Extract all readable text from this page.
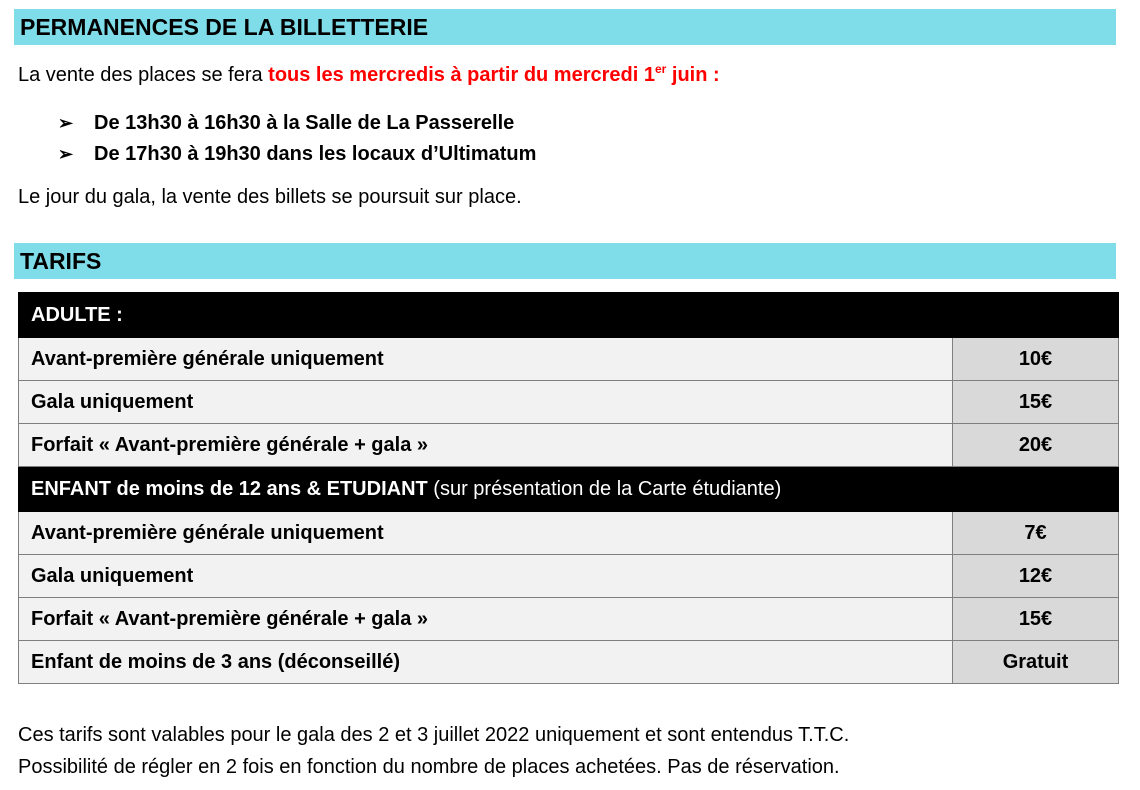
PERMANENCES DE LA BILLETTERIE
La vente des places se fera tous les mercredis à partir du mercredi 1er juin :
➢ De 13h30 à 16h30 à la Salle de La Passerelle
➢ De 17h30 à 19h30 dans les locaux d’Ultimatum
Le jour du gala, la vente des billets se poursuit sur place.
TARIFS
ADULTE :	
Avant-première générale uniquement	10€
Gala uniquement	15€
Forfait « Avant-première générale + gala »	20€
ENFANT de moins de 12 ans & ETUDIANT (sur présentation de la Carte étudiante)	
Avant-première générale uniquement	7€
Gala uniquement	12€
Forfait « Avant-première générale + gala »	15€
Enfant de moins de 3 ans (déconseillé)	Gratuit
Ces tarifs sont valables pour le gala des 2 et 3 juillet 2022 uniquement et sont entendus T.T.C.
Possibilité de régler en 2 fois en fonction du nombre de places achetées. Pas de réservation.
